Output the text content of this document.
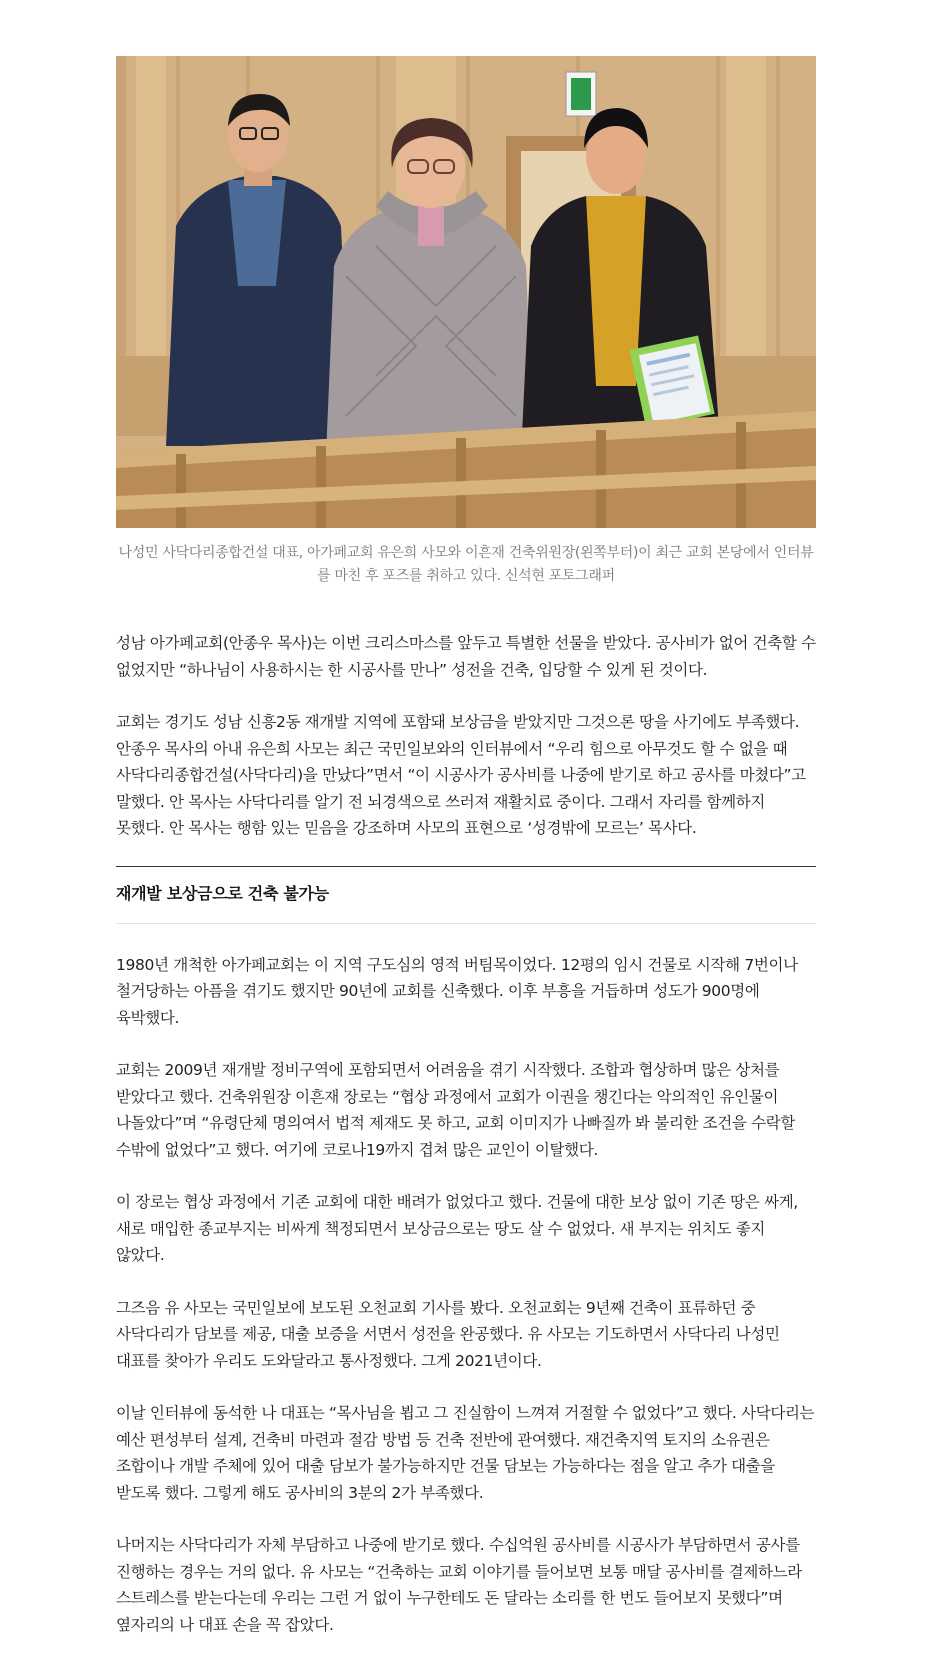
나성민 사닥다리종합건설 대표, 아가페교회 유은희 사모와 이흔재 건축위원장(왼쪽부터)이 최근 교회 본당에서 인터뷰를 마친 후 포즈를 취하고 있다. 신석현 포토그래퍼

성남 아가페교회(안종우 목사)는 이번 크리스마스를 앞두고 특별한 선물을 받았다. 공사비가 없어 건축할 수 없었지만 “하나님이 사용하시는 한 시공사를 만나” 성전을 건축, 입당할 수 있게 된 것이다.

교회는 경기도 성남 신흥2동 재개발 지역에 포함돼 보상금을 받았지만 그것으론 땅을 사기에도 부족했다. 안종우 목사의 아내 유은희 사모는 최근 국민일보와의 인터뷰에서 “우리 힘으로 아무것도 할 수 없을 때 사닥다리종합건설(사닥다리)을 만났다”면서 “이 시공사가 공사비를 나중에 받기로 하고 공사를 마쳤다”고 말했다. 안 목사는 사닥다리를 알기 전 뇌경색으로 쓰러져 재활치료 중이다. 그래서 자리를 함께하지 못했다. 안 목사는 행함 있는 믿음을 강조하며 사모의 표현으로 ‘성경밖에 모르는’ 목사다.

재개발 보상금으로 건축 불가능

1980년 개척한 아가페교회는 이 지역 구도심의 영적 버팀목이었다. 12평의 임시 건물로 시작해 7번이나 철거당하는 아픔을 겪기도 했지만 90년에 교회를 신축했다. 이후 부흥을 거듭하며 성도가 900명에 육박했다.

교회는 2009년 재개발 정비구역에 포함되면서 어려움을 겪기 시작했다. 조합과 협상하며 많은 상처를 받았다고 했다. 건축위원장 이흔재 장로는 “협상 과정에서 교회가 이권을 챙긴다는 악의적인 유인물이 나돌았다”며 “유령단체 명의여서 법적 제재도 못 하고, 교회 이미지가 나빠질까 봐 불리한 조건을 수락할 수밖에 없었다”고 했다. 여기에 코로나19까지 겹쳐 많은 교인이 이탈했다.

이 장로는 협상 과정에서 기존 교회에 대한 배려가 없었다고 했다. 건물에 대한 보상 없이 기존 땅은 싸게, 새로 매입한 종교부지는 비싸게 책정되면서 보상금으로는 땅도 살 수 없었다. 새 부지는 위치도 좋지 않았다.

그즈음 유 사모는 국민일보에 보도된 오천교회 기사를 봤다. 오천교회는 9년째 건축이 표류하던 중 사닥다리가 담보를 제공, 대출 보증을 서면서 성전을 완공했다. 유 사모는 기도하면서 사닥다리 나성민 대표를 찾아가 우리도 도와달라고 통사정했다. 그게 2021년이다.

이날 인터뷰에 동석한 나 대표는 “목사님을 뵙고 그 진실함이 느껴져 거절할 수 없었다”고 했다. 사닥다리는 예산 편성부터 설계, 건축비 마련과 절감 방법 등 건축 전반에 관여했다. 재건축지역 토지의 소유권은 조합이나 개발 주체에 있어 대출 담보가 불가능하지만 건물 담보는 가능하다는 점을 알고 추가 대출을 받도록 했다. 그렇게 해도 공사비의 3분의 2가 부족했다.

나머지는 사닥다리가 자체 부담하고 나중에 받기로 했다. 수십억원 공사비를 시공사가 부담하면서 공사를 진행하는 경우는 거의 없다. 유 사모는 “건축하는 교회 이야기를 들어보면 보통 매달 공사비를 결제하느라 스트레스를 받는다는데 우리는 그런 거 없이 누구한테도 돈 달라는 소리를 한 번도 들어보지 못했다”며 옆자리의 나 대표 손을 꼭 잡았다.
